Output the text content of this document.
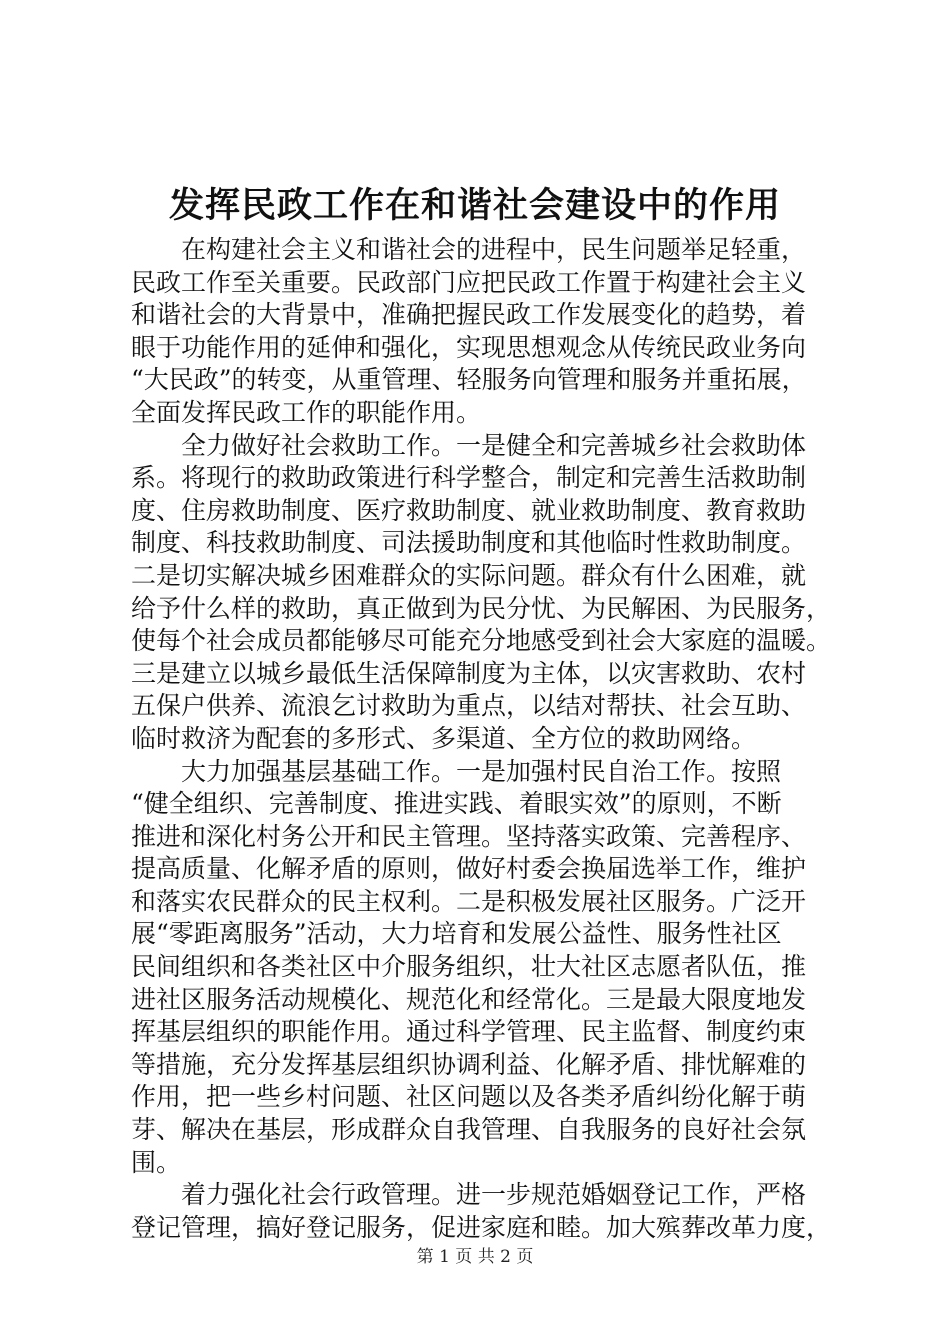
发挥民政工作在和谐社会建设中的作用

在构建社会主义和谐社会的进程中，民生问题举足轻重，
民政工作至关重要。民政部门应把民政工作置于构建社会主义
和谐社会的大背景中，准确把握民政工作发展变化的趋势，着
眼于功能作用的延伸和强化，实现思想观念从传统民政业务向
“大民政”的转变，从重管理、轻服务向管理和服务并重拓展，
全面发挥民政工作的职能作用。

全力做好社会救助工作。一是健全和完善城乡社会救助体
系。将现行的救助政策进行科学整合，制定和完善生活救助制
度、住房救助制度、医疗救助制度、就业救助制度、教育救助
制度、科技救助制度、司法援助制度和其他临时性救助制度。
二是切实解决城乡困难群众的实际问题。群众有什么困难，就
给予什么样的救助，真正做到为民分忧、为民解困、为民服务，
使每个社会成员都能够尽可能充分地感受到社会大家庭的温暖。
三是建立以城乡最低生活保障制度为主体，以灾害救助、农村
五保户供养、流浪乞讨救助为重点，以结对帮扶、社会互助、
临时救济为配套的多形式、多渠道、全方位的救助网络。

大力加强基层基础工作。一是加强村民自治工作。按照
“健全组织、完善制度、推进实践、着眼实效”的原则，不断
推进和深化村务公开和民主管理。坚持落实政策、完善程序、
提高质量、化解矛盾的原则，做好村委会换届选举工作，维护
和落实农民群众的民主权利。二是积极发展社区服务。广泛开
展“零距离服务”活动，大力培育和发展公益性、服务性社区
民间组织和各类社区中介服务组织，壮大社区志愿者队伍，推
进社区服务活动规模化、规范化和经常化。三是最大限度地发
挥基层组织的职能作用。通过科学管理、民主监督、制度约束
等措施，充分发挥基层组织协调利益、化解矛盾、排忧解难的
作用，把一些乡村问题、社区问题以及各类矛盾纠纷化解于萌
芽、解决在基层，形成群众自我管理、自我服务的良好社会氛
围。

着力强化社会行政管理。进一步规范婚姻登记工作，严格
登记管理，搞好登记服务，促进家庭和睦。加大殡葬改革力度，

第 1 页 共 2 页
